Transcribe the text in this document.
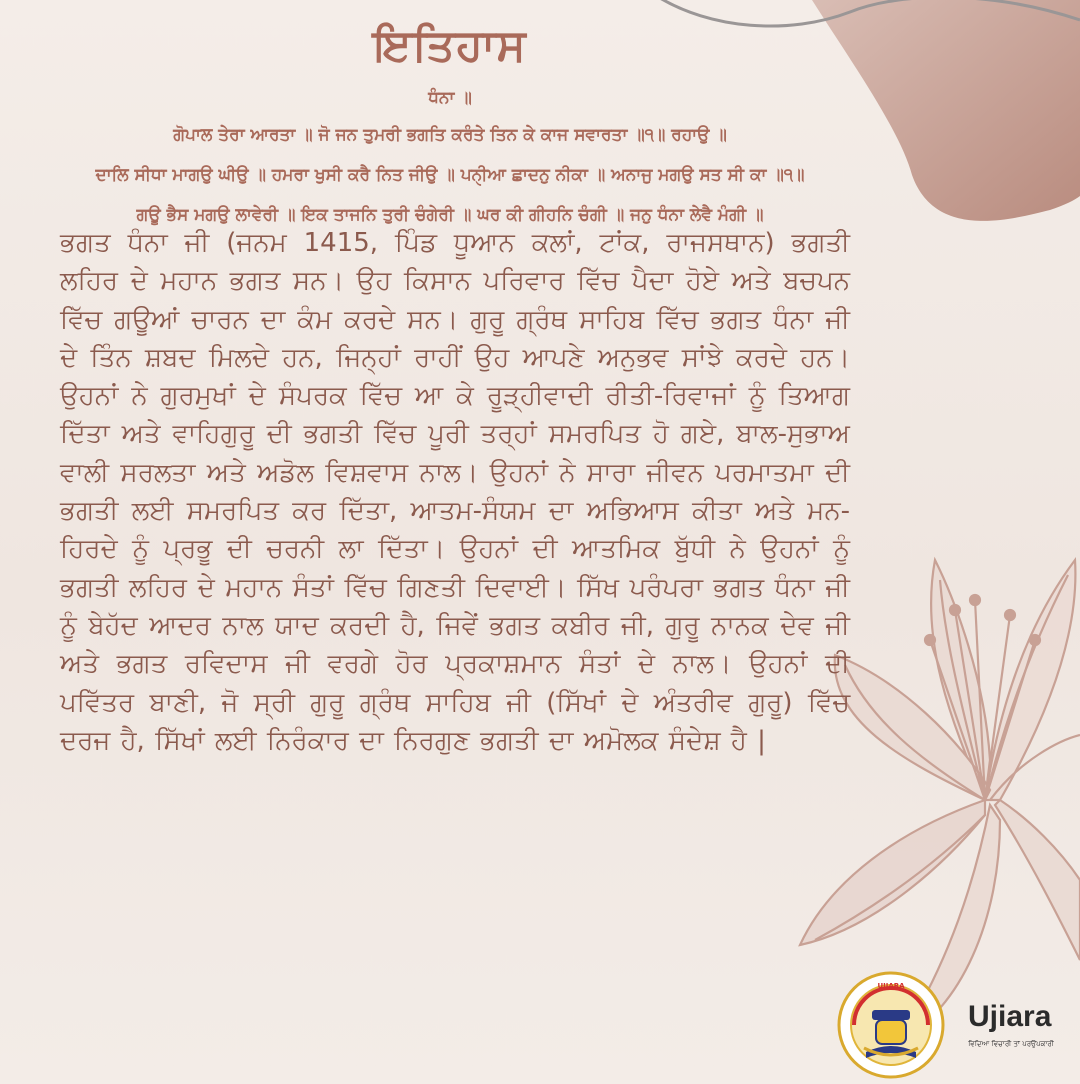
ਇਤਿਹਾਸ
ਧੰਨਾ ॥
ਗੋਪਾਲ ਤੇਰਾ ਆਰਤਾ ॥ ਜੋ ਜਨ ਤੁਮਰੀ ਭਗਤਿ ਕਰੰਤੇ ਤਿਨ ਕੇ ਕਾਜ ਸਵਾਰਤਾ ॥੧॥ ਰਹਾਉ ॥
ਦਾਲਿ ਸੀਧਾ ਮਾਗਉ ਘੀਉ ॥ ਹਮਰਾ ਖੁਸੀ ਕਰੈ ਨਿਤ ਜੀਉ ॥ ਪਨੑੀਆ ਛਾਦਨੁ ਨੀਕਾ ॥ ਅਨਾਜੁ ਮਗਉ ਸਤ ਸੀ ਕਾ ॥੧॥
ਗਊ ਭੈਸ ਮਗਉ ਲਾਵੇਰੀ ॥ ਇਕ ਤਾਜਨਿ ਤੁਰੀ ਚੰਗੇਰੀ ॥ ਘਰ ਕੀ ਗੀਹਨਿ ਚੰਗੀ ॥ ਜਨੁ ਧੰਨਾ ਲੇਵੈ ਮੰਗੀ ॥
ਭਗਤ ਧੰਨਾ ਜੀ (ਜਨਮ 1415, ਪਿੰਡ ਧੂਆਨ ਕਲਾਂ, ਟਾਂਕ, ਰਾਜਸਥਾਨ) ਭਗਤੀ ਲਹਿਰ ਦੇ ਮਹਾਨ ਭਗਤ ਸਨ। ਉਹ ਕਿਸਾਨ ਪਰਿਵਾਰ ਵਿੱਚ ਪੈਦਾ ਹੋਏ ਅਤੇ ਬਚਪਨ ਵਿੱਚ ਗਊਆਂ ਚਾਰਨ ਦਾ ਕੰਮ ਕਰਦੇ ਸਨ। ਗੁਰੂ ਗ੍ਰੰਥ ਸਾਹਿਬ ਵਿੱਚ ਭਗਤ ਧੰਨਾ ਜੀ ਦੇ ਤਿੰਨ ਸ਼ਬਦ ਮਿਲਦੇ ਹਨ, ਜਿਨ੍ਹਾਂ ਰਾਹੀਂ ਉਹ ਆਪਣੇ ਅਨੁਭਵ ਸਾਂਝੇ ਕਰਦੇ ਹਨ।ਉਹਨਾਂ ਨੇ ਗੁਰਮੁਖਾਂ ਦੇ ਸੰਪਰਕ ਵਿੱਚ ਆ ਕੇ ਰੂੜ੍ਹੀਵਾਦੀ ਰੀਤੀ-ਰਿਵਾਜਾਂ ਨੂੰ ਤਿਆਗ ਦਿੱਤਾ ਅਤੇ ਵਾਹਿਗੁਰੂ ਦੀ ਭਗਤੀ ਵਿੱਚ ਪੂਰੀ ਤਰ੍ਹਾਂ ਸਮਰਪਿਤ ਹੋ ਗਏ, ਬਾਲ-ਸੁਭਾਅ ਵਾਲੀ ਸਰਲਤਾ ਅਤੇ ਅਡੋਲ ਵਿਸ਼ਵਾਸ ਨਾਲ। ਉਹਨਾਂ ਨੇ ਸਾਰਾ ਜੀਵਨ ਪਰਮਾਤਮਾ ਦੀ ਭਗਤੀ ਲਈ ਸਮਰਪਿਤ ਕਰ ਦਿੱਤਾ, ਆਤਮ-ਸੰਯਮ ਦਾ ਅਭਿਆਸ ਕੀਤਾ ਅਤੇ ਮਨ-ਹਿਰਦੇ ਨੂੰ ਪ੍ਰਭੂ ਦੀ ਚਰਨੀ ਲਾ ਦਿੱਤਾ। ਉਹਨਾਂ ਦੀ ਆਤਮਿਕ ਬੁੱਧੀ ਨੇ ਉਹਨਾਂ ਨੂੰ ਭਗਤੀ ਲਹਿਰ ਦੇ ਮਹਾਨ ਸੰਤਾਂ ਵਿੱਚ ਗਿਣਤੀ ਦਿਵਾਈ। ਸਿੱਖ ਪਰੰਪਰਾ ਭਗਤ ਧੰਨਾ ਜੀ ਨੂੰ ਬੇਹੱਦ ਆਦਰ ਨਾਲ ਯਾਦ ਕਰਦੀ ਹੈ, ਜਿਵੇਂ ਭਗਤ ਕਬੀਰ ਜੀ, ਗੁਰੂ ਨਾਨਕ ਦੇਵ ਜੀ ਅਤੇ ਭਗਤ ਰਵਿਦਾਸ ਜੀ ਵਰਗੇ ਹੋਰ ਪ੍ਰਕਾਸ਼ਮਾਨ ਸੰਤਾਂ ਦੇ ਨਾਲ। ਉਹਨਾਂ ਦੀ ਪਵਿੱਤਰ ਬਾਣੀ, ਜੋ ਸ੍ਰੀ ਗੁਰੂ ਗ੍ਰੰਥ ਸਾਹਿਬ ਜੀ (ਸਿੱਖਾਂ ਦੇ ਅੰਤਰੀਵ ਗੁਰੂ) ਵਿੱਚ ਦਰਜ ਹੈ, ਸਿੱਖਾਂ ਲਈ ਨਿਰੰਕਾਰ ਦਾ ਨਿਰਗੁਣ ਭਗਤੀ ਦਾ ਅਮੋਲਕ ਸੰਦੇਸ਼ ਹੈ |
UJJARA
Ujiara
ਵਿਦਿਆ ਵਿਚਾਰੀ ਤਾਂ ਪਰਉਪਕਾਰੀ
